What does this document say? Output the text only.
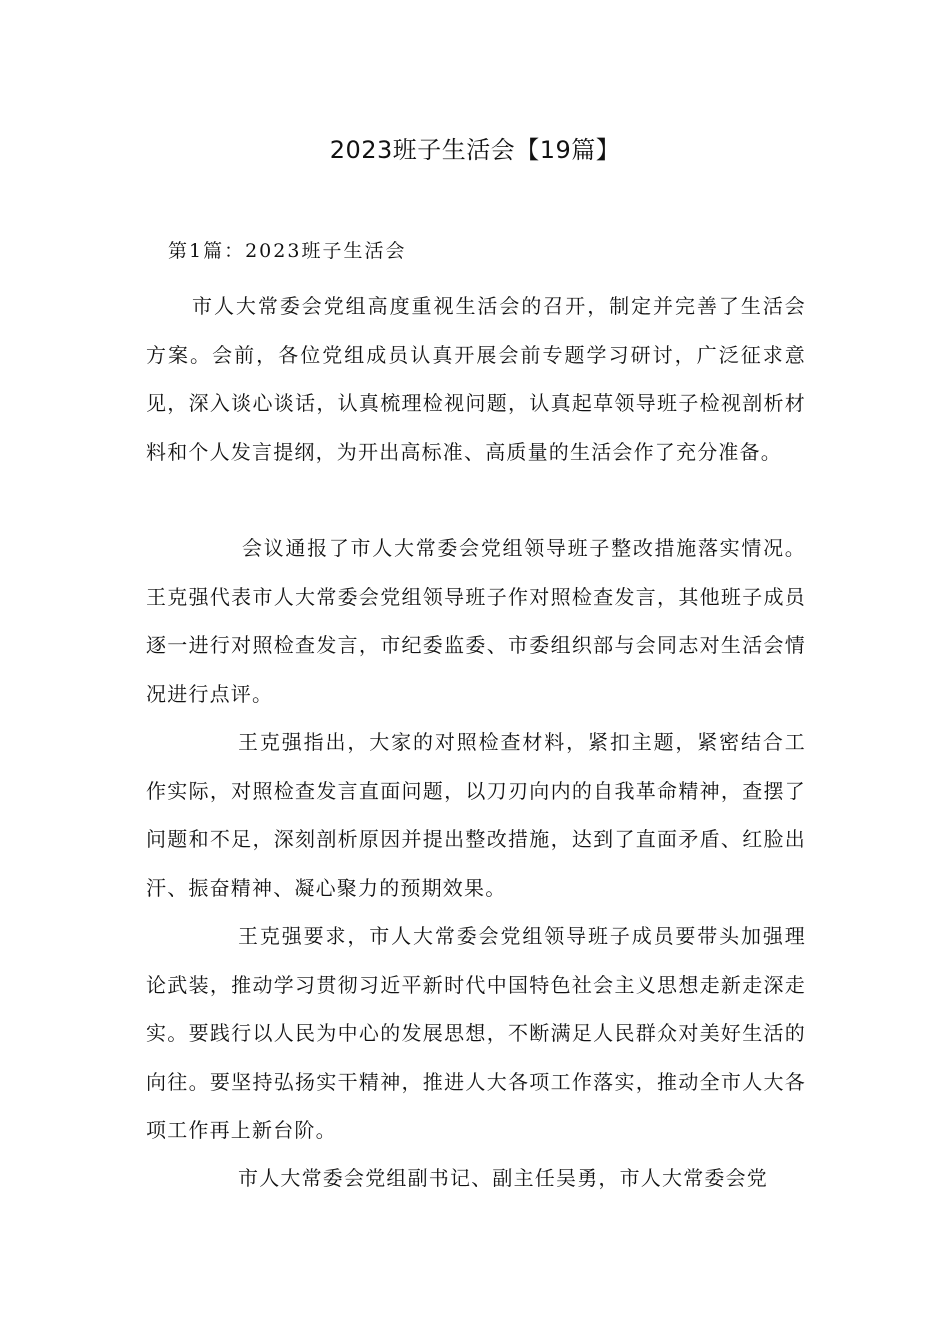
2023班子生活会【19篇】
第1篇：2023班子生活会
市人大常委会党组高度重视生活会的召开，制定并完善了生活会方案。会前，各位党组成员认真开展会前专题学习研讨，广泛征求意见，深入谈心谈话，认真梳理检视问题，认真起草领导班子检视剖析材料和个人发言提纲，为开出高标准、高质量的生活会作了充分准备。
会议通报了市人大常委会党组领导班子整改措施落实情况。王克强代表市人大常委会党组领导班子作对照检查发言，其他班子成员逐一进行对照检查发言，市纪委监委、市委组织部与会同志对生活会情况进行点评。
王克强指出，大家的对照检查材料，紧扣主题，紧密结合工作实际，对照检查发言直面问题，以刀刃向内的自我革命精神，查摆了问题和不足，深刻剖析原因并提出整改措施，达到了直面矛盾、红脸出汗、振奋精神、凝心聚力的预期效果。
王克强要求，市人大常委会党组领导班子成员要带头加强理论武装，推动学习贯彻习近平新时代中国特色社会主义思想走新走深走实。要践行以人民为中心的发展思想，不断满足人民群众对美好生活的向往。要坚持弘扬实干精神，推进人大各项工作落实，推动全市人大各项工作再上新台阶。
市人大常委会党组副书记、副主任吴勇，市人大常委会党
